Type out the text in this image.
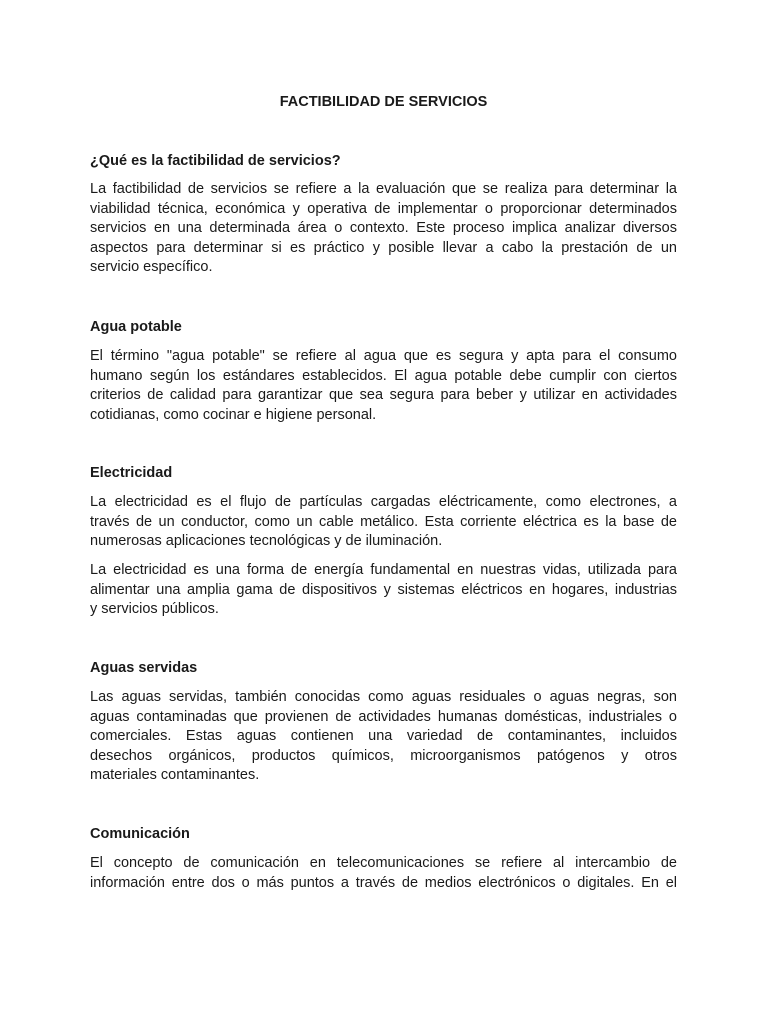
FACTIBILIDAD DE SERVICIOS
¿Qué es la factibilidad de servicios?

La factibilidad de servicios se refiere a la evaluación que se realiza para determinar la
viabilidad técnica, económica y operativa de implementar o proporcionar determinados
servicios en una determinada área o contexto. Este proceso implica analizar diversos
aspectos para determinar si es práctico y posible llevar a cabo la prestación de un
servicio específico.

Agua potable

El término "agua potable" se refiere al agua que es segura y apta para el consumo
humano según los estándares establecidos. El agua potable debe cumplir con ciertos
criterios de calidad para garantizar que sea segura para beber y utilizar en actividades
cotidianas, como cocinar e higiene personal.

Electricidad

La electricidad es el flujo de partículas cargadas eléctricamente, como electrones, a
través de un conductor, como un cable metálico. Esta corriente eléctrica es la base de
numerosas aplicaciones tecnológicas y de iluminación.

La electricidad es una forma de energía fundamental en nuestras vidas, utilizada para
alimentar una amplia gama de dispositivos y sistemas eléctricos en hogares, industrias
y servicios públicos.

Aguas servidas

Las aguas servidas, también conocidas como aguas residuales o aguas negras, son
aguas contaminadas que provienen de actividades humanas domésticas, industriales o
comerciales. Estas aguas contienen una variedad de contaminantes, incluidos
desechos orgánicos, productos químicos, microorganismos patógenos y otros
materiales contaminantes.

Comunicación

El concepto de comunicación en telecomunicaciones se refiere al intercambio de
información entre dos o más puntos a través de medios electrónicos o digitales. En el
